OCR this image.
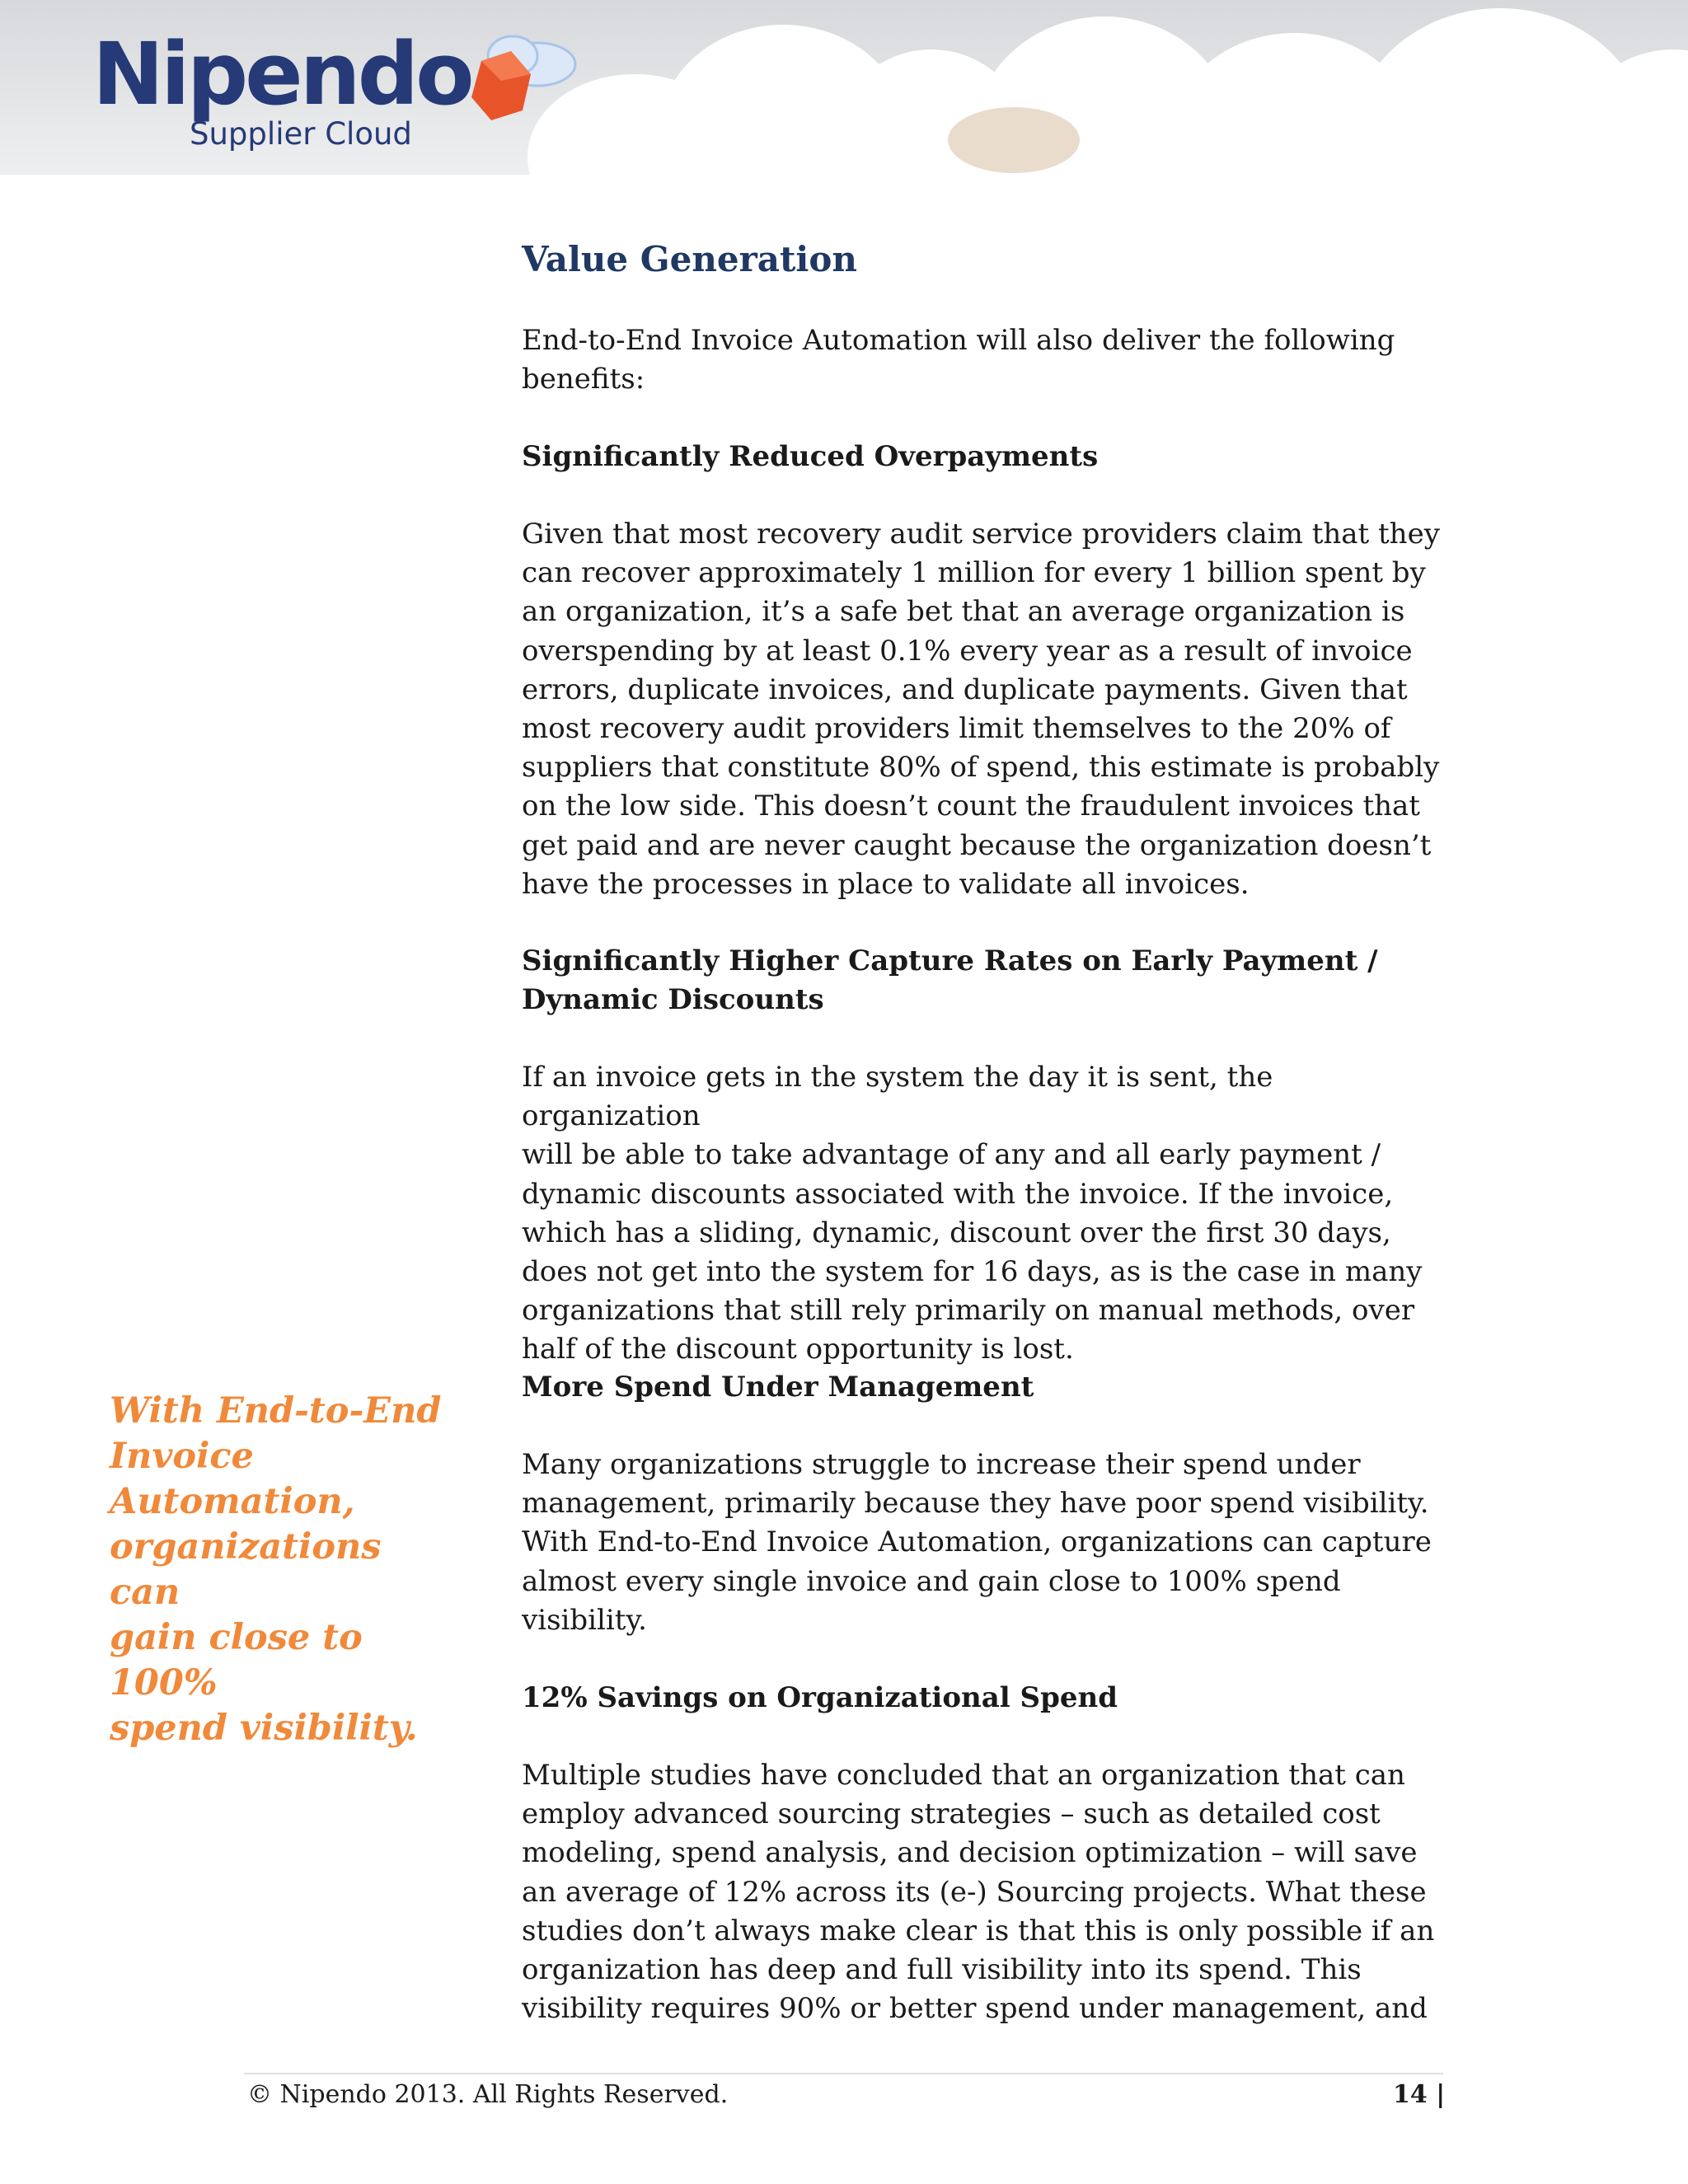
Nipendo
Supplier Cloud
Value Generation

End-to-End Invoice Automation will also deliver the following

benefits:

Significantly Reduced Overpayments

Given that most recovery audit service providers claim that they

can recover approximately 1 million for every 1 billion spent by

an organization, it’s a safe bet that an average organization is

overspending by at least 0.1% every year as a result of invoice

errors, duplicate invoices, and duplicate payments. Given that

most recovery audit providers limit themselves to the 20% of

suppliers that constitute 80% of spend, this estimate is probably

on the low side. This doesn’t count the fraudulent invoices that

get paid and are never caught because the organization doesn’t

have the processes in place to validate all invoices.

Significantly Higher Capture Rates on Early Payment /

Dynamic Discounts

If an invoice gets in the system the day it is sent, the organization

will be able to take advantage of any and all early payment /

dynamic discounts associated with the invoice. If the invoice,

which has a sliding, dynamic, discount over the first 30 days,

does not get into the system for 16 days, as is the case in many

organizations that still rely primarily on manual methods, over

half of the discount opportunity is lost.

More Spend Under Management

Many organizations struggle to increase their spend under

management, primarily because they have poor spend visibility.

With End-to-End Invoice Automation, organizations can capture

almost every single invoice and gain close to 100% spend

visibility.

12% Savings on Organizational Spend

Multiple studies have concluded that an organization that can

employ advanced sourcing strategies – such as detailed cost

modeling, spend analysis, and decision optimization – will save

an average of 12% across its (e-) Sourcing projects. What these

studies don’t always make clear is that this is only possible if an

organization has deep and full visibility into its spend. This

visibility requires 90% or better spend under management, and

With End-to-End
Invoice
Automation,
organizations can
gain close to 100%
spend visibility.
© Nipendo 2013. All Rights Reserved.	14 |
